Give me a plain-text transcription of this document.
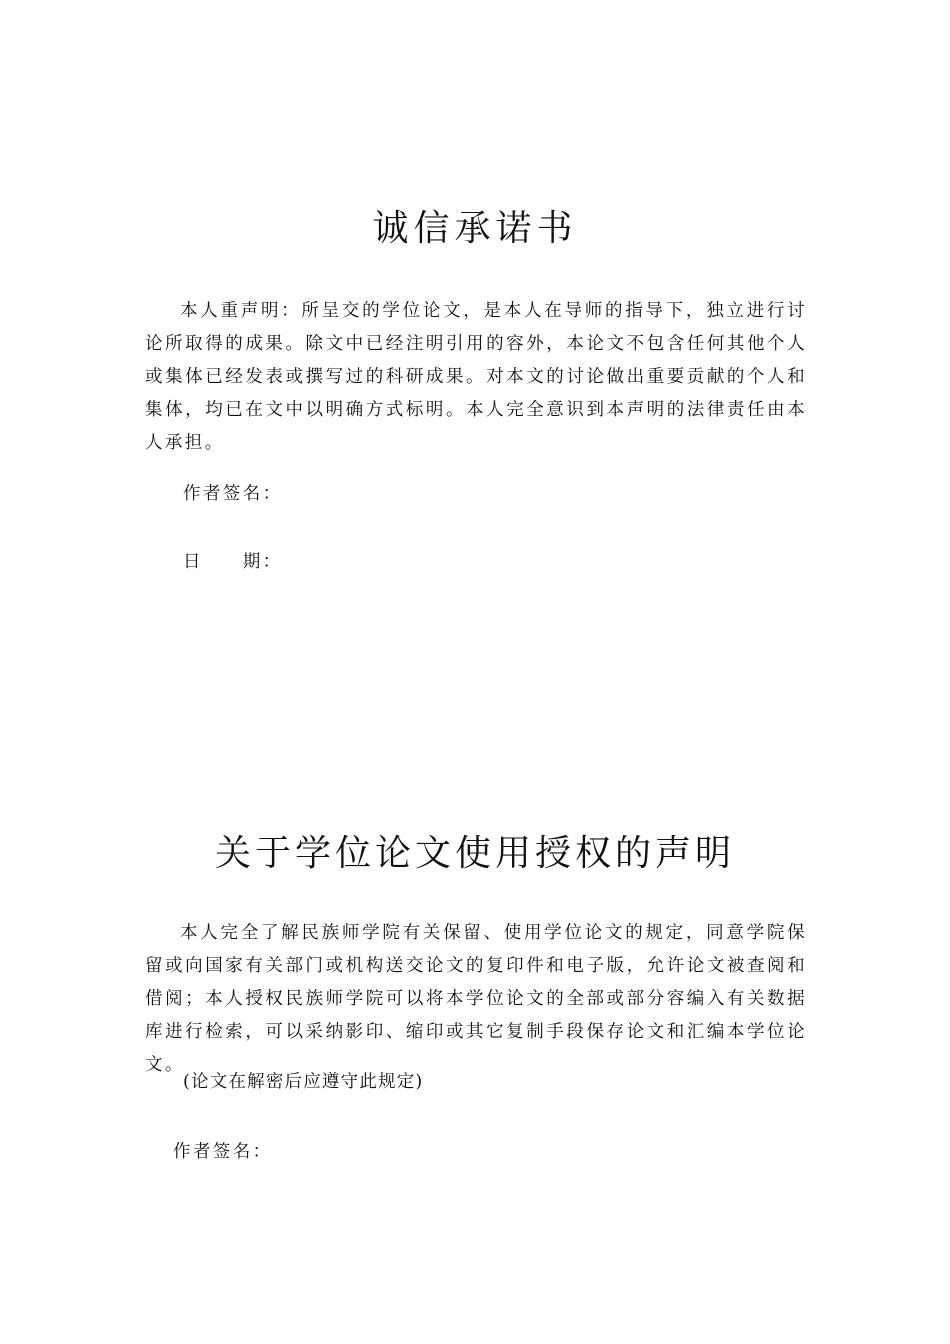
诚信承诺书

本人重声明：所呈交的学位论文，是本人在导师的指导下，独立进行讨论所取得的成果。除文中已经注明引用的容外，本论文不包含任何其他个人或集体已经发表或撰写过的科研成果。对本文的讨论做出重要贡献的个人和集体，均已在文中以明确方式标明。本人完全意识到本声明的法律责任由本人承担。

作者签名：

日　　期：

关于学位论文使用授权的声明

本人完全了解民族师学院有关保留、使用学位论文的规定，同意学院保留或向国家有关部门或机构送交论文的复印件和电子版，允许论文被查阅和借阅；本人授权民族师学院可以将本学位论文的全部或部分容编入有关数据库进行检索，可以采纳影印、缩印或其它复制手段保存论文和汇编本学位论文。

(论文在解密后应遵守此规定)

作者签名：
